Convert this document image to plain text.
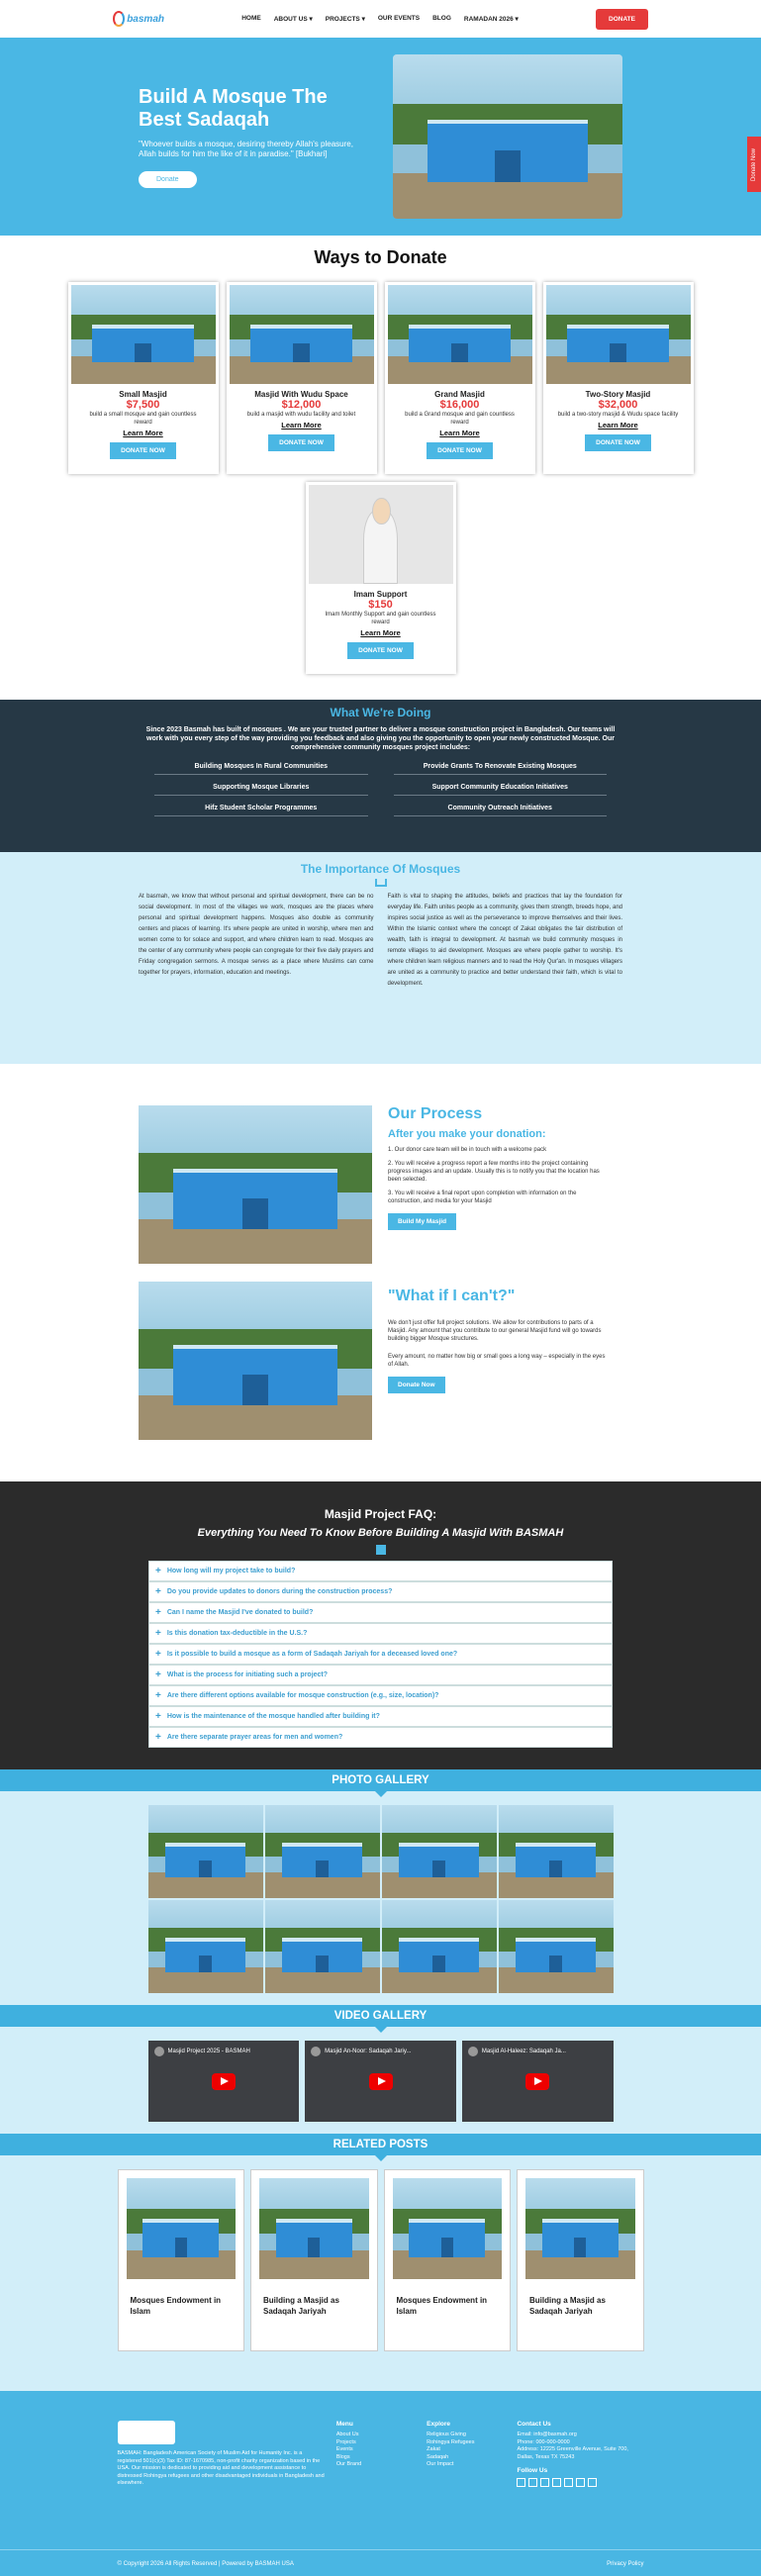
basmah	HOME ABOUT US ▾ PROJECTS ▾ OUR EVENTS BLOG RAMADAN 2026 ▾	DONATE
Build A Mosque The Best Sadaqah

"Whoever builds a mosque, desiring thereby Allah's pleasure, Allah builds for him the like of it in paradise." [Bukhari]

Donate	Donate Now
Ways to Donate
Small Masjid
$7,500
build a small mosque and gain countless reward
Learn More
DONATE NOW
Masjid With Wudu Space
$12,000
build a masjid with wudu facility and toilet
Learn More
DONATE NOW
Grand Masjid
$16,000
build a Grand mosque and gain countless reward
Learn More
DONATE NOW
Two-Story Masjid
$32,000
build a two-story masjid & Wudu space facility
Learn More
DONATE NOW
Imam Support
$150
Imam Monthly Support and gain countless reward
Learn More
DONATE NOW
What We're Doing

Since 2023 Basmah has built of mosques . We are your trusted partner to deliver a mosque construction project in Bangladesh. Our teams will work with you every step of the way providing you feedback and also giving you the opportunity to open your newly constructed Mosque. Our comprehensive community mosques project includes:

Building Mosques In Rural Communities	Provide Grants To Renovate Existing Mosques
Supporting Mosque Libraries	Support Community Education Initiatives
Hifz Student Scholar Programmes	Community Outreach Initiatives
The Importance Of Mosques

At basmah, we know that without personal and spiritual development, there can be no social development. In most of the villages we work, mosques are the places where personal and spiritual development happens. Mosques also double as community centers and places of learning. It's where people are united in worship, where men and women come to for solace and support, and where children learn to read. Mosques are the center of any community where people can congregate for their five daily prayers and Friday congregation sermons. A mosque serves as a place where Muslims can come together for prayers, information, education and meetings.

Faith is vital to shaping the attitudes, beliefs and practices that lay the foundation for everyday life. Faith unites people as a community, gives them strength, breeds hope, and inspires social justice as well as the perseverance to improve themselves and their lives. Within the Islamic context where the concept of Zakat obligates the fair distribution of wealth, faith is integral to development. At basmah we build community mosques in remote villages to aid development. Mosques are where people gather to worship. It's where children learn religious manners and to read the Holy Qur'an. In mosques villagers are united as a community to practice and better understand their faith, which is vital to development.

Our Process
After you make your donation:

1. Our donor care team will be in touch with a welcome pack

2. You will receive a progress report a few months into the project containing progress images and an update. Usually this is to notify you that the location has been selected.

3. You will receive a final report upon completion with information on the construction, and media for your Masjid

Build My Masjid
"What if I can't?"

We don't just offer full project solutions. We allow for contributions to parts of a Masjid. Any amount that you contribute to our general Masjid fund will go towards building bigger Mosque structures.

Every amount, no matter how big or small goes a long way – especially in the eyes of Allah.

Donate Now
Masjid Project FAQ:
Everything You Need To Know Before Building A Masjid With BASMAH
+ How long will my project take to build?
+ Do you provide updates to donors during the construction process?
+ Can I name the Masjid I've donated to build?
+ Is this donation tax-deductible in the U.S.?
+ Is it possible to build a mosque as a form of Sadaqah Jariyah for a deceased loved one?
+ What is the process for initiating such a project?
+ Are there different options available for mosque construction (e.g., size, location)?
+ How is the maintenance of the mosque handled after building it?
+ Are there separate prayer areas for men and women?
PHOTO GALLERY
VIDEO GALLERY
Masjid Project 2025 - BASMAH	Masjid An-Noor: Sadaqah Jariy...	Masjid Al-Haleez: Sadaqah Ja...
RELATED POSTS

Mosques Endowment in Islam

Building a Masjid as Sadaqah Jariyah

Mosques Endowment in Islam

Building a Masjid as Sadaqah Jariyah

BASMAH: Bangladesh American Society of Muslim Aid for Humanity Inc. is a registered 501(c)(3) Tax ID: 87-1670985, non-profit charity organization based in the USA. Our mission is dedicated to providing aid and development assistance to distressed Rohingya refugees and other disadvantaged individuals in Bangladesh and elsewhere.
Menu
About Us
Projects
Events
Blogs
Our Brand
Explore
Religious Giving
Rohingya Refugees
Zakat
Sadaqah
Our Impact
Contact Us
Email: info@basmah.org
Phone: 000-000-0000
Address: 12225 Greenville Avenue, Suite 700, Dallas, Texas TX 75243
Follow Us
© Copyright 2026 All Rights Reserved | Powered by BASMAH USA	Privacy Policy
